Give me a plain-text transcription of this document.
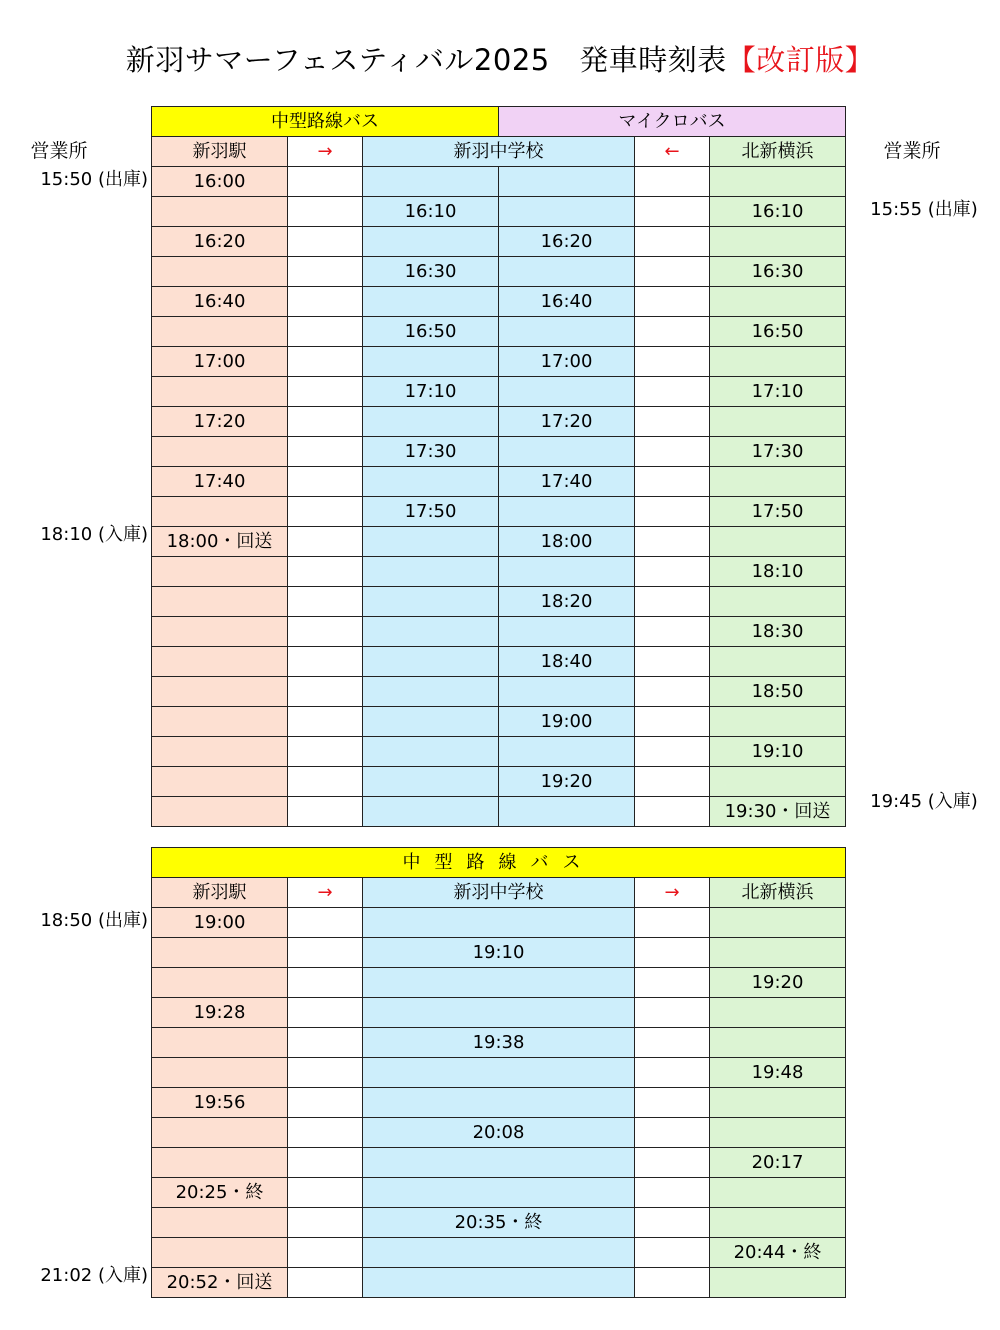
新羽サマーフェスティバル2025　発車時刻表【改訂版】
営業所	営業所
中型路線バス			マイクロバス		
新羽駅	→	新羽中学校		←	北新横浜
16:00					
		16:10			16:10
16:20			16:20		
		16:30			16:30
16:40			16:40		
		16:50			16:50
17:00			17:00		
		17:10			17:10
17:20			17:20		
		17:30			17:30
17:40			17:40		
		17:50			17:50
18:00・回送			18:00		
					18:10
			18:20		
					18:30
			18:40		
					18:50
			19:00		
					19:10
			19:20		
					19:30・回送
中型路線バス				
新羽駅	→	新羽中学校	→	北新横浜
19:00				
		19:10		
				19:20
19:28				
		19:38		
				19:48
19:56				
		20:08		
				20:17
20:25・終				
		20:35・終		
				20:44・終
20:52・回送				
15:50 (出庫)
18:10 (入庫)
15:55 (出庫)
19:45 (入庫)
18:50 (出庫)
21:02 (入庫)
